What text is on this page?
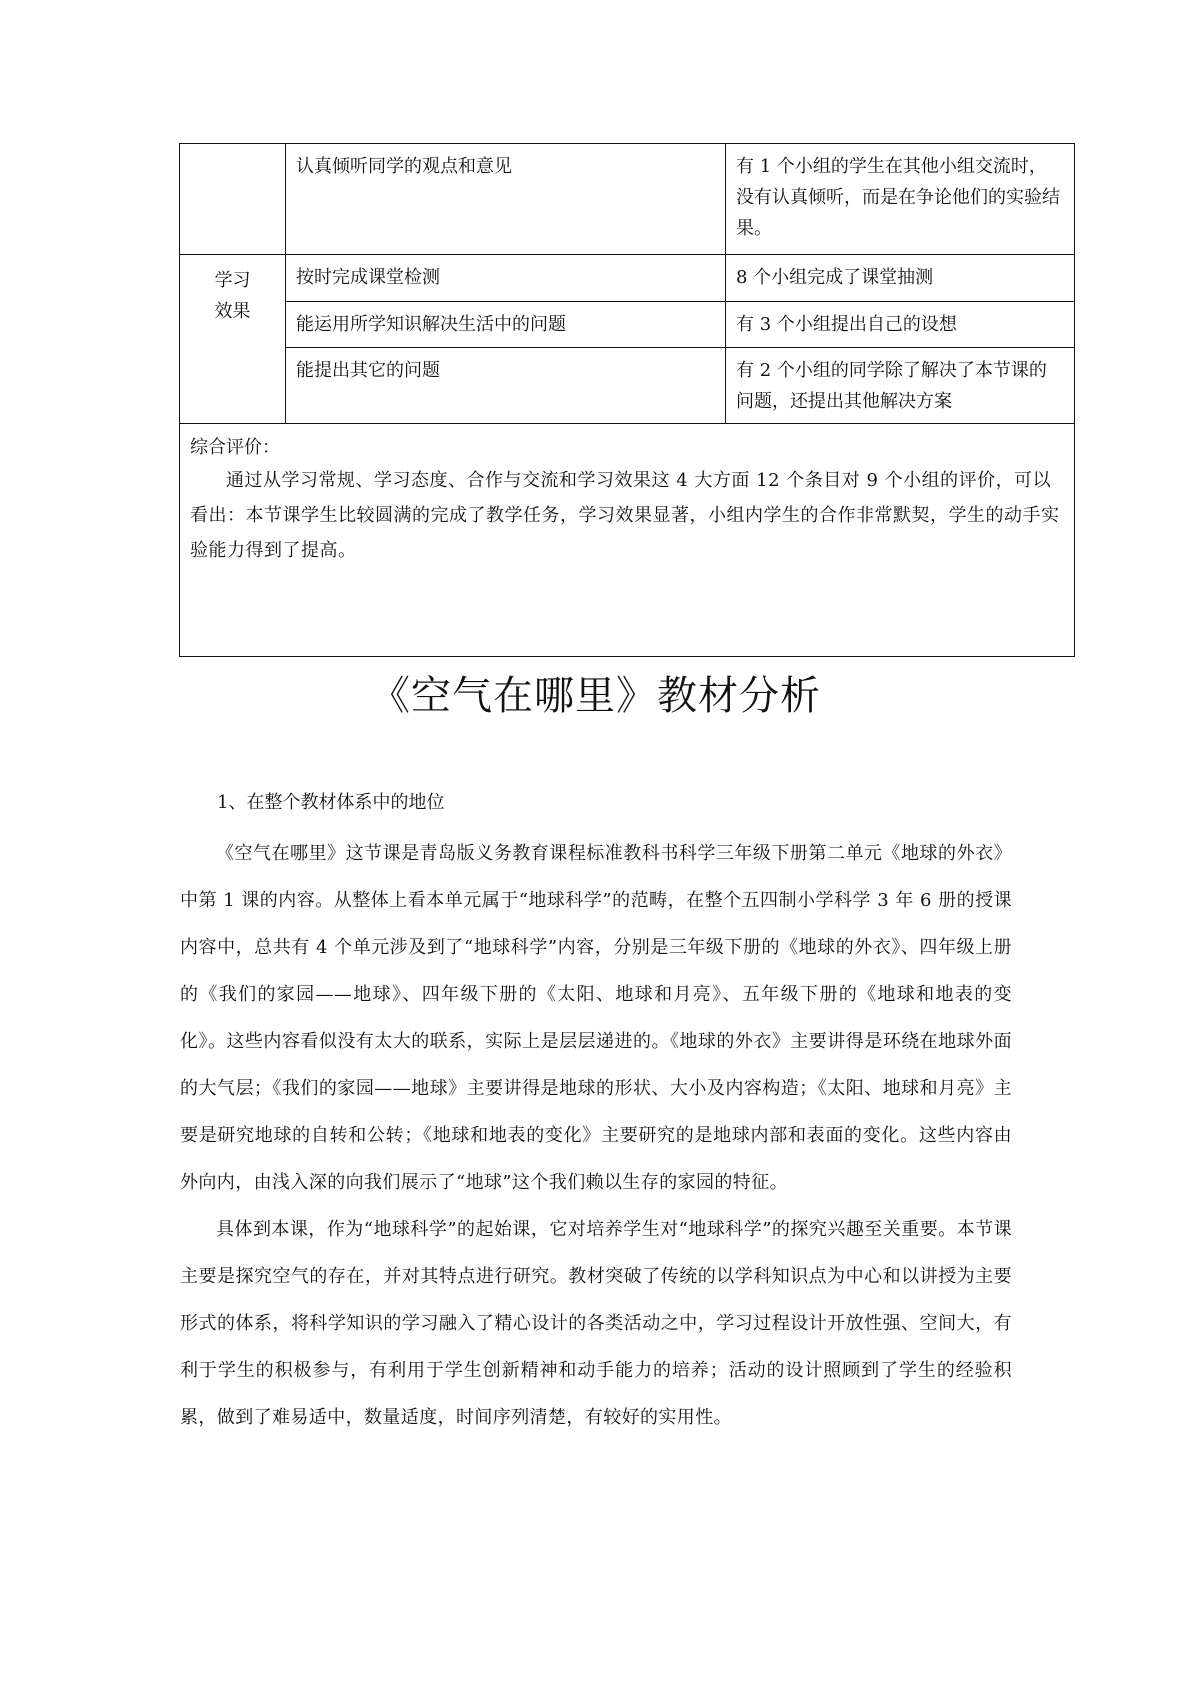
	认真倾听同学的观点和意见	有 1 个小组的学生在其他小组交流时，没有认真倾听，而是在争论他们的实验结果。
学习
效果	按时完成课堂检测	8 个小组完成了课堂抽测
	能运用所学知识解决生活中的问题	有 3 个小组提出自己的设想
	能提出其它的问题	有 2 个小组的同学除了解决了本节课的问题，还提出其他解决方案

综合评价：
通过从学习常规、学习态度、合作与交流和学习效果这 4 大方面 12 个条目对 9 个小组的评价，可以看出：本节课学生比较圆满的完成了教学任务，学习效果显著，小组内学生的合作非常默契，学生的动手实验能力得到了提高。		
《空气在哪里》教材分析
1、在整个教材体系中的地位

《空气在哪里》这节课是青岛版义务教育课程标准教科书科学三年级下册第二单元《地球的外衣》中第 1 课的内容。从整体上看本单元属于“地球科学”的范畴，在整个五四制小学科学 3 年 6 册的授课内容中，总共有 4 个单元涉及到了“地球科学”内容，分别是三年级下册的《地球的外衣》、四年级上册的《我们的家园——地球》、四年级下册的《太阳、地球和月亮》、五年级下册的《地球和地表的变化》。这些内容看似没有太大的联系，实际上是层层递进的。《地球的外衣》主要讲得是环绕在地球外面的大气层；《我们的家园——地球》主要讲得是地球的形状、大小及内容构造；《太阳、地球和月亮》主要是研究地球的自转和公转；《地球和地表的变化》主要研究的是地球内部和表面的变化。这些内容由外向内，由浅入深的向我们展示了“地球”这个我们赖以生存的家园的特征。

具体到本课，作为“地球科学”的起始课，它对培养学生对“地球科学”的探究兴趣至关重要。本节课主要是探究空气的存在，并对其特点进行研究。教材突破了传统的以学科知识点为中心和以讲授为主要形式的体系，将科学知识的学习融入了精心设计的各类活动之中，学习过程设计开放性强、空间大，有利于学生的积极参与，有利用于学生创新精神和动手能力的培养；活动的设计照顾到了学生的经验积累，做到了难易适中，数量适度，时间序列清楚，有较好的实用性。
